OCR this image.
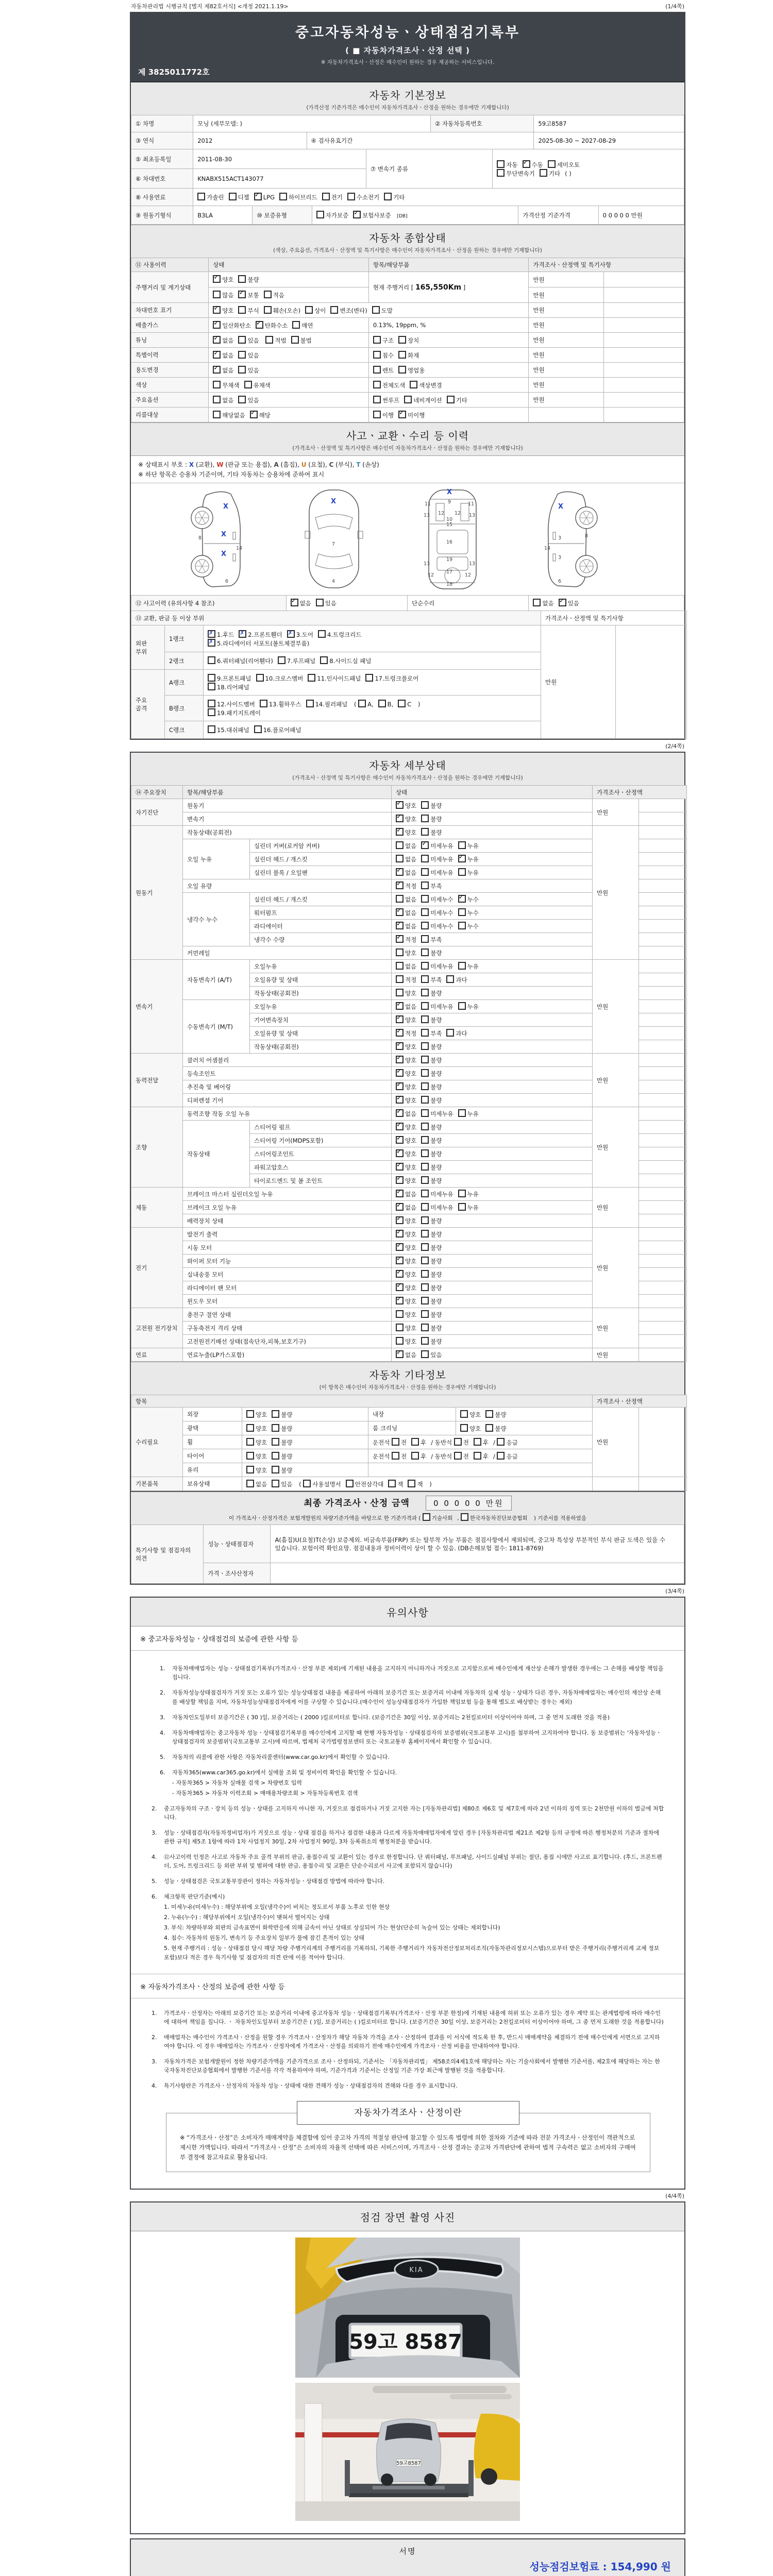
자동차관리법 시행규칙 [별지 제82호서식] <개정 2021.1.19>	(1/4쪽)
중고자동차성능ㆍ상태점검기록부
( ■ 자동차가격조사ㆍ산정 선택 )
※ 자동차가격조사ㆍ산정은 매수인이 원하는 경우 제공하는 서비스입니다.
제 3825011772호
자동차 기본정보
(가격산정 기준가격은 매수인이 자동차가격조사ㆍ산정을 원하는 경우에만 기재합니다)
① 차명	모닝 (세부모델: )	② 자동차등록번호	59고8587
③ 연식	2012	④ 검사유효기간	2025-08-30 ~ 2027-08-29
⑤ 최초등록일	2011-08-30	⑦ 변속기 종류	자동 ✓ 수동 세미오토
무단변속기 기타 ( )
⑥ 차대번호	KNABX515ACT143077		
⑧ 사용연료	가솔린 디젤 ✓ LPG 하이브리드 전기 수소전기 기타
⑨ 원동기형식	B3LA	⑩ 보증유형	자가보증 ✓ 보험사보증 [DB]	가격산정 기준가격	0 0 0 0 0 만원
자동차 종합상태
(색상, 주요옵션, 가격조사ㆍ산정액 및 특기사항은 매수인이 자동차가격조사ㆍ산정을 원하는 경우에만 기재합니다)
⑪ 사용이력	상태	항목/해당부품	가격조사ㆍ산정액 및 특기사항	
주행거리 및 계기상태	✓양호 불량	현재 주행거리 [ 165,550Km ]	만원	
	많음 ✓ 보통 적음		만원	
차대번호 표기	✓양호 부식 훼손(오손) 상이 변조(변타) 도말		만원	
배출가스	✓일산화탄소 ✓ 탄화수소 매연	0.13%, 19ppm, %	만원	
튜닝	✓없음 있음 적법 불법	구조 장치	만원	
특별이력	✓없음 있음	침수 화재	만원	
용도변경	✓없음 있음	렌트 영업용	만원	
색상	무채색 유채색	전체도색 색상변경	만원	
주요옵션	없음 있음	썬루프 네비게이션 기타	만원	
리콜대상	해당없음 ✓ 해당	이행 ✓ 미이행		
사고ㆍ교환ㆍ수리 등 이력
(가격조사ㆍ산정액 및 특기사항은 매수인이 자동차가격조사ㆍ산정을 원하는 경우에만 기재합니다)
※ 상태표시 부호 : X (교환), W (판금 또는 용접), A (흠집), U (요철), C (부식), T (손상)
※ 하단 항목은 승용차 기준이며, 기타 자동차는 승용차에 준하여 표시
X
8	X
14
X
6
X
7
4
X
11	9	11
12 12
13	13
10
15
16
19
13	13
17
12	12
18
X
3	8
14
3
6
⑫ 사고이력 (유의사항 4 참조)	✓없음 있음	단순수리	없음 ✓ 있음
⑬ 교환, 판금 등 이상 부위			가격조사ㆍ산정액 및 특기사항	
외판 부위	1랭크	✗1.후드 ✗ 2.프론트휀더 ✗ 3.도어 4.트렁크리드
✗5.라디에이터 서포트(볼트체결부품)	만원	
	2랭크	6.쿼터패널(리어휀다) 7.루프패널 8.사이드실 패널		
주요 골격	A랭크	9.프론트패널 10.크로스멤버 11.인사이드패널 17.트렁크플로어
18.리어패널		
	B랭크	12.사이드멤버 13.휠하우스 14.필러패널 ( A, B, C )
19.패키지트레이		
	C랭크	15.대쉬패널 16.플로어패널		
(2/4쪽)
자동차 세부상태
(가격조사ㆍ산정액 및 특기사항은 매수인이 자동차가격조사ㆍ산정을 원하는 경우에만 기재합니다)
⑭ 주요장치	항목/해당부품		상태	가격조사ㆍ산정액	
자기진단	원동기	✓양호 불량	만원	
	변속기	✓양호 불량	
원동기	작동상태(공회전)	✓양호 불량	만원	
	오일 누유	실린더 커버(로커암 커버)	없음 ✓ 미세누유 누유	
		실린더 헤드 / 개스킷	없음 미세누유 ✓ 누유	
		실린더 블록 / 오일팬	✓없음 미세누유 누유	
	오일 유량	✓적정 부족	
	냉각수 누수	실린더 헤드 / 개스킷	없음 미세누수 ✓ 누수	
		워터펌프	✓없음 미세누수 누수	
		라디에이터	✓없음 미세누수 누수	
		냉각수 수량	✓적정 부족	
	커먼레일		양호 불량		
변속기	자동변속기 (A/T)	오일누유	없음 미세누유 누유	만원	
		오일유량 및 상태	적정 부족 과다		
		작동상태(공회전)	양호 불량		
	수동변속기 (M/T)	오일누유	✓없음 미세누유 누유	
		기어변속장치	✓양호 불량	
		오일유량 및 상태	✓적정 부족 과다	
		작동상태(공회전)	✓양호 불량	
동력전달	클러치 어셈블리	✓양호 불량	만원	
	등속조인트	✓양호 불량	
	추진축 및 베어링	✓양호 불량	
	디퍼렌셜 기어	✓양호 불량	
조향	동력조향 작동 오일 누유	✓없음 미세누유 누유	만원	
	작동상태	스티어링 펌프	✓양호 불량	
		스티어링 기어(MDPS포함)	✓양호 불량	
		스티어링조인트	✓양호 불량	
		파워고압호스	✓양호 불량	
		타이로드엔드 및 볼 조인트	✓양호 불량	
제동	브레이크 마스터 실린더오일 누유	✓없음 미세누유 누유	만원	
	브레이크 오일 누유	✓없음 미세누유 누유	
	배력장치 상태	✓양호 불량	
전기	발전기 출력	✓양호 불량	만원	
	시동 모터	✓양호 불량	
	와이퍼 모터 기능	✓양호 불량	
	실내송풍 모터	✓양호 불량	
	라디에이터 팬 모터	✓양호 불량	
	윈도우 모터	✓양호 불량	
고전원 전기장치	충전구 절연 상태		양호 불량	만원	
	구동축전지 격리 상태		양호 불량		
	고전원전기배선 상태(접속단자,피복,보호기구)		양호 불량		
연료	연료누출(LP가스포함)	✓없음 있음	만원	
자동차 기타정보
(이 항목은 매수인이 자동차가격조사ㆍ산정을 원하는 경우에만 기재합니다)
항목					가격조사ㆍ산정액	
수리필요	외장	양호 불량	내장	양호 불량	만원	
	광택	양호 불량	룸 크리닝	양호 불량		
	휠	양호 불량	운전석 전 후 / 동반석 전 후 / 응급			
	타이어	양호 불량	운전석 전 후 / 동반석 전 후 / 응급			
	유리	양호 불량				
기본품목	보유상태	없음 있음 ( 사용설명서 안전삼각대 잭 잭 )				
최종 가격조사ㆍ산정 금액	0 0 0 0 0 만원
이 가격조사ㆍ산정가격은 보험개발원의 차량기준가액을 바탕으로 한 기준가격과 ( 기술사회 , 한국자동차진단보증협회 ) 기준서를 적용하였음
특기사항 및 점검자의 의견	성능ㆍ상태점검자	A(흠집)U(요철)T(손상) 보증제외. 비금속부품(FRP) 또는 탈부착 가능 부품은 점검사항에서 제외되며, 중고차 특성상 부분적인 부식 판금 도색은 있을 수 있습니다. 보험이력 확인요망. 점검내용과 정비이력이 상이 할 수 있음. (DB손해보험 접수: 1811-8769)
	가격ㆍ조사산정자	
(3/4쪽)
유의사항
※ 중고자동차성능ㆍ상태점검의 보증에 관한 사항 등
1.	자동차매매업자는 성능ㆍ상태점검기록부(가격조사ㆍ산정 부분 제외)에 기재된 내용을 고지하지 아니하거나 거짓으로 고지함으로써 매수인에게 재산상 손해가 발생한 경우에는 그 손해를 배상할 책임을 집니다.
2.	자동차성능상태점검자가 거짓 또는 오류가 있는 성능상태점검 내용을 제공하여 아래의 보증기간 또는 보증거리 이내에 자동차의 실제 성능ㆍ상태가 다른 경우, 자동차매매업자는 매수인의 재산상 손해를 배상할 책임을 지며, 자동차성능상태점검자에게 이를 구상할 수 있습니다.(매수인이 성능상태점검자가 가입한 책임보험 등을 통해 별도로 배상받는 경우는 제외)
3.	자동차인도일부터 보증기간은 ( 30 )일, 보증거리는 ( 2000 )킬로미터로 합니다. (보증기간은 30일 이상, 보증거리는 2천킬로미터 이상이어야 하며, 그 중 먼저 도래한 것을 적용)
4.	자동차매매업자는 중고자동차 성능ㆍ상태점검기록부를 매수인에게 고지할 때 현행 자동차성능ㆍ상태점검자의 보증범위(국토교통부 고시)를 첨부하여 고지하여야 합니다. 동 보증범위는 '자동차성능ㆍ상태점검자의 보증범위'(국토교통부 고시)에 따르며, 법제처 국가법령정보센터 또는 국토교통부 홈페이지에서 확인할 수 있습니다.
5.	자동차의 리콜에 관한 사항은 자동차리콜센터(www.car.go.kr)에서 확인할 수 있습니다.
6.	자동차365(www.car365.go.kr)에서 실매물 조회 및 정비이력 확인을 확인할 수 있습니다.
- 자동차365 > 자동차 실매물 검색 > 차량번호 입력
- 자동차365 > 자동차 이력조회 > 매매용차량조회 > 자동차등록번호 검색
2.	중고자동차의 구조ㆍ장치 등의 성능ㆍ상태를 고지하지 아니한 자, 거짓으로 점검하거나 거짓 고지한 자는 [자동차관리법] 제80조 제6호 및 제7호에 따라 2년 이하의 징역 또는 2천만원 이하의 벌금에 처합니다.
3.	성능ㆍ상태점검자(자동차정비업자)가 거짓으로 성능ㆍ상태 점검을 하거나 점검한 내용과 다르게 자동차매매업자에게 알린 경우 [자동차관리법 제21조 제2항 등의 규정에 따른 행정처분의 기준과 절차에 관한 규칙] 제5조 1항에 따라 1차 사업정지 30일, 2차 사업정지 90일, 3차 등록취소의 행정처분을 받습니다.
4.	⑫사고이력 인정은 사고로 자동차 주요 골격 부위의 판금, 용접수리 및 교환이 있는 경우로 한정합니다. 단 쿼터패널, 루프패널, 사이드실패널 부위는 절단, 용접 시에만 사고로 표기합니다. (후드, 프론트펜더, 도어, 트렁크리드 등 외판 부위 및 범퍼에 대한 판금, 용접수리 및 교환은 단순수리로서 사고에 포함되지 않습니다)
5.	성능ㆍ상태점검은 국토교통부장관이 정하는 자동차성능ㆍ상태점검 방법에 따라야 합니다.
6.	체크항목 판단기준(예시)
1. 미세누유(미세누수) : 해당부위에 오일(냉각수)이 비치는 정도로서 부품 노후로 인한 현상
2. 누유(누수) : 해당부위에서 오일(냉각수)이 맺혀서 떨어지는 상태
3. 부식: 차량하부와 외판의 금속표면이 화학반응에 의해 금속이 아닌 상태로 상실되어 가는 현상(단순히 녹슬어 있는 상태는 제외합니다)
4. 침수: 자동차의 원동기, 변속기 등 주요장치 일부가 물에 잠긴 흔적이 있는 상태
5. 현재 주행거리 : 성능ㆍ상태점검 당시 해당 차량 주행거리계의 주행거리를 기록하되, 기록한 주행거리가 자동차전산정보처리조직(자동차관리정보시스템)으로부터 받은 주행거리(주행거리계 교체 정보 포함)보다 적은 경우 특기사항 및 점검자의 의견 란에 이를 적어야 합니다.
※ 자동차가격조사ㆍ산정의 보증에 관한 사항 등
1.	가격조사ㆍ산정자는 아래의 보증기간 또는 보증거리 이내에 중고자동차 성능ㆍ상태점검기록부(가격조사ㆍ산정 부분 한정)에 기재된 내용에 허위 또는 오류가 있는 경우 계약 또는 관계법령에 따라 매수인에 대하여 책임을 집니다. ㆍ 자동차인도일부터 보증기간은 ( )일, 보증거리는 ( )킬로미터로 합니다. (보증기간은 30일 이상, 보증거리는 2천킬로미터 이상이어야 하며, 그 중 먼저 도래한 것을 적용합니다)
2.	매매업자는 매수인이 가격조사ㆍ산정을 원할 경우 가격조사ㆍ산정자가 해당 자동차 가격을 조사ㆍ산정하여 결과를 이 서식에 적도록 한 후, 반드시 매매계약을 체결하기 전에 매수인에게 서면으로 고지하여야 합니다. 이 경우 매매업자는 가격조사ㆍ산정자에게 가격조사ㆍ산정을 의뢰하기 전에 매수인에게 가격조사ㆍ산정 비용을 안내하여야 합니다.
3.	자동차가격은 보험개발원이 정한 차량기준가액을 기준가격으로 조사ㆍ산정하되, 기준서는 「자동차관리법」 제58조의4제1호에 해당하는 자는 기술사회에서 발행한 기준서를, 제2호에 해당하는 자는 한국자동차진단보증협회에서 발행한 기준서를 각각 적용하여야 하며, 기준가격과 기준서는 산정일 기준 가장 최근에 발행된 것을 적용합니다.
4.	특기사항란은 가격조사ㆍ산정자의 자동차 성능ㆍ상태에 대한 견해가 성능ㆍ상태점검자의 견해와 다를 경우 표시합니다.
자동차가격조사ㆍ산정이란
※ “가격조사ㆍ산정”은 소비자가 매매계약을 체결함에 있어 중고차 가격의 적절성 판단에 참고할 수 있도록 법령에 의한 절차와 기준에 따라 전문 가격조사ㆍ산정인이 객관적으로 제시한 가액입니다. 따라서 “가격조사ㆍ산정”은 소비자의 자율적 선택에 따른 서비스이며, 가격조사ㆍ산정 결과는 중고차 가격판단에 관하여 법적 구속력은 없고 소비자의 구매여부 결정에 참고자료로 활용됩니다.
(4/4쪽)
점검 장면 촬영 사진
KIA
59고 8587
59고8587
서명
성능점검보험료 : 154,990 원
